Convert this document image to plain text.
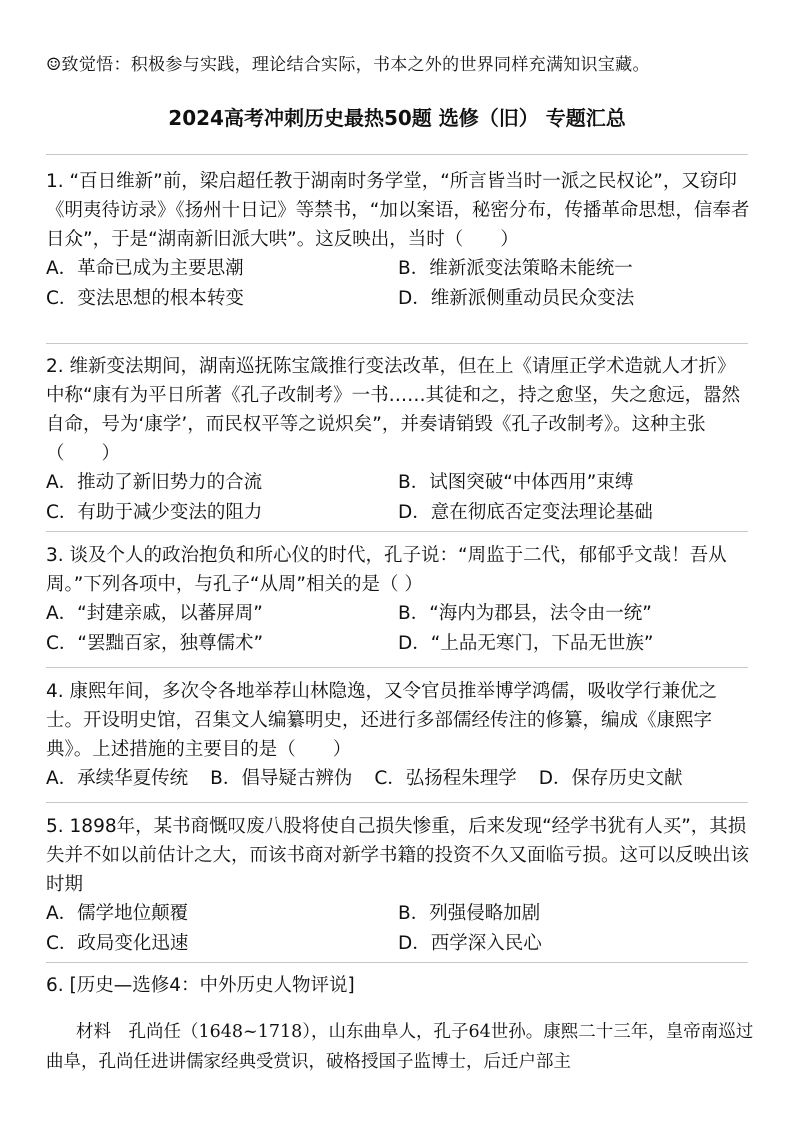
☺致觉悟：积极参与实践，理论结合实际，书本之外的世界同样充满知识宝藏。
2024高考冲刺历史最热50题 选修（旧） 专题汇总

1. “百日维新”前，梁启超任教于湖南时务学堂，“所言皆当时一派之民权论”，又窃印《明夷待访录》《扬州十日记》等禁书，“加以案语，秘密分布，传播革命思想，信奉者日众”，于是“湖南新旧派大哄”。这反映出，当时（　　）

A．革命已成为主要思潮	B．维新派变法策略未能统一
C．变法思想的根本转变	D．维新派侧重动员民众变法

2. 维新变法期间，湖南巡抚陈宝箴推行变法改革，但在上《请厘正学术造就人才折》中称“康有为平日所著《孔子改制考》一书……其徒和之，持之愈坚，失之愈远，嚣然自命，号为‘康学’，而民权平等之说炽矣”，并奏请销毁《孔子改制考》。这种主张（　　）

A．推动了新旧势力的合流	B．试图突破“中体西用”束缚
C．有助于减少变法的阻力	D．意在彻底否定变法理论基础

3. 谈及个人的政治抱负和所心仪的时代，孔子说：“周监于二代，郁郁乎文哉！吾从周。”下列各项中，与孔子“从周”相关的是（ ）

A．“封建亲戚，以蕃屏周”	B．“海内为郡县，法令由一统”
C．“罢黜百家，独尊儒术”	D．“上品无寒门，下品无世族”

4. 康熙年间，多次令各地举荐山林隐逸，又令官员推举博学鸿儒，吸收学行兼优之士。开设明史馆，召集文人编纂明史，还进行多部儒经传注的修纂，编成《康熙字典》。上述措施的主要目的是（　　）

A．承续华夏传统 B．倡导疑古辨伪 C．弘扬程朱理学 D．保存历史文献

5. 1898年，某书商慨叹废八股将使自己损失惨重，后来发现“经学书犹有人买”，其损失并不如以前估计之大，而该书商对新学书籍的投资不久又面临亏损。这可以反映出该时期

A．儒学地位颠覆	B．列强侵略加剧
C．政局变化迅速	D．西学深入民心

6. [历史—选修4：中外历史人物评说]

材料　孔尚任（1648~1718），山东曲阜人，孔子64世孙。康熙二十三年，皇帝南巡过曲阜，孔尚任进讲儒家经典受赏识，破格授国子监博士，后迁户部主
